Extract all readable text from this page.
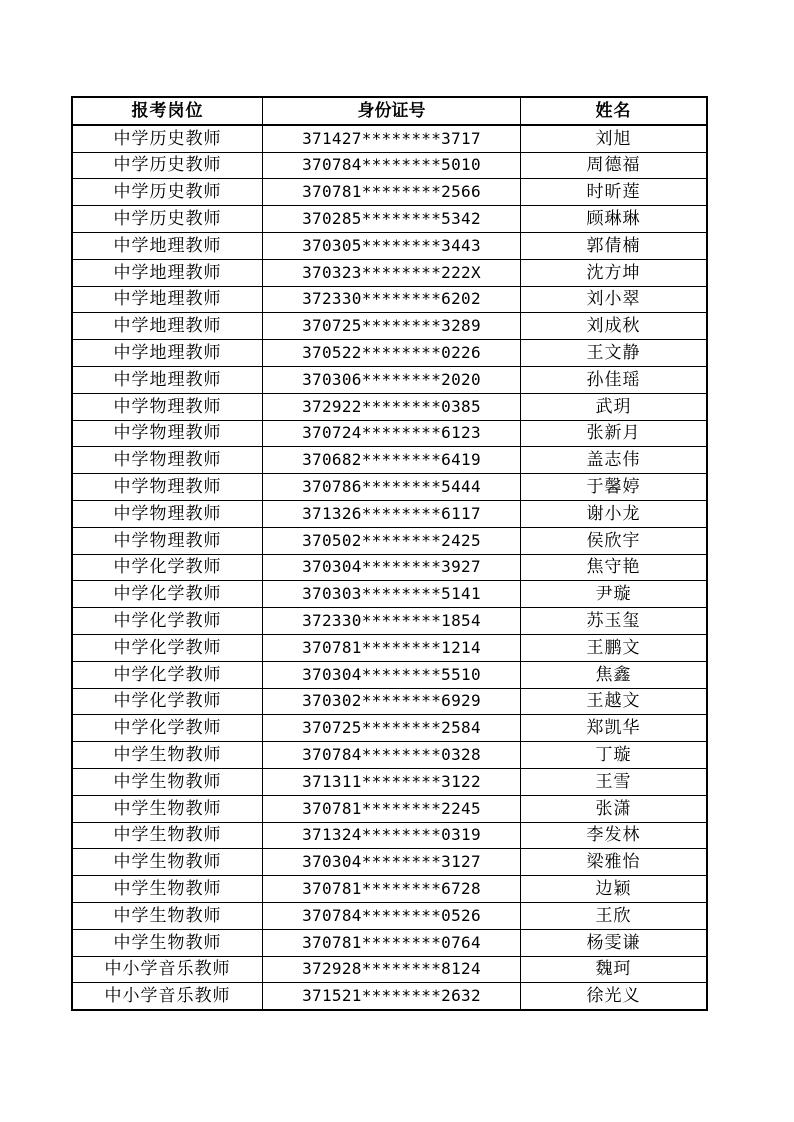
报考岗位	身份证号	姓名
中学历史教师	371427********3717	刘旭
中学历史教师	370784********5010	周德福
中学历史教师	370781********2566	时昕莲
中学历史教师	370285********5342	顾琳琳
中学地理教师	370305********3443	郭倩楠
中学地理教师	370323********222X	沈方坤
中学地理教师	372330********6202	刘小翠
中学地理教师	370725********3289	刘成秋
中学地理教师	370522********0226	王文静
中学地理教师	370306********2020	孙佳瑶
中学物理教师	372922********0385	武玥
中学物理教师	370724********6123	张新月
中学物理教师	370682********6419	盖志伟
中学物理教师	370786********5444	于馨婷
中学物理教师	371326********6117	谢小龙
中学物理教师	370502********2425	侯欣宇
中学化学教师	370304********3927	焦守艳
中学化学教师	370303********5141	尹璇
中学化学教师	372330********1854	苏玉玺
中学化学教师	370781********1214	王鹏文
中学化学教师	370304********5510	焦鑫
中学化学教师	370302********6929	王越文
中学化学教师	370725********2584	郑凯华
中学生物教师	370784********0328	丁璇
中学生物教师	371311********3122	王雪
中学生物教师	370781********2245	张潇
中学生物教师	371324********0319	李发林
中学生物教师	370304********3127	梁雅怡
中学生物教师	370781********6728	边颖
中学生物教师	370784********0526	王欣
中学生物教师	370781********0764	杨雯谦
中小学音乐教师	372928********8124	魏珂
中小学音乐教师	371521********2632	徐光义
